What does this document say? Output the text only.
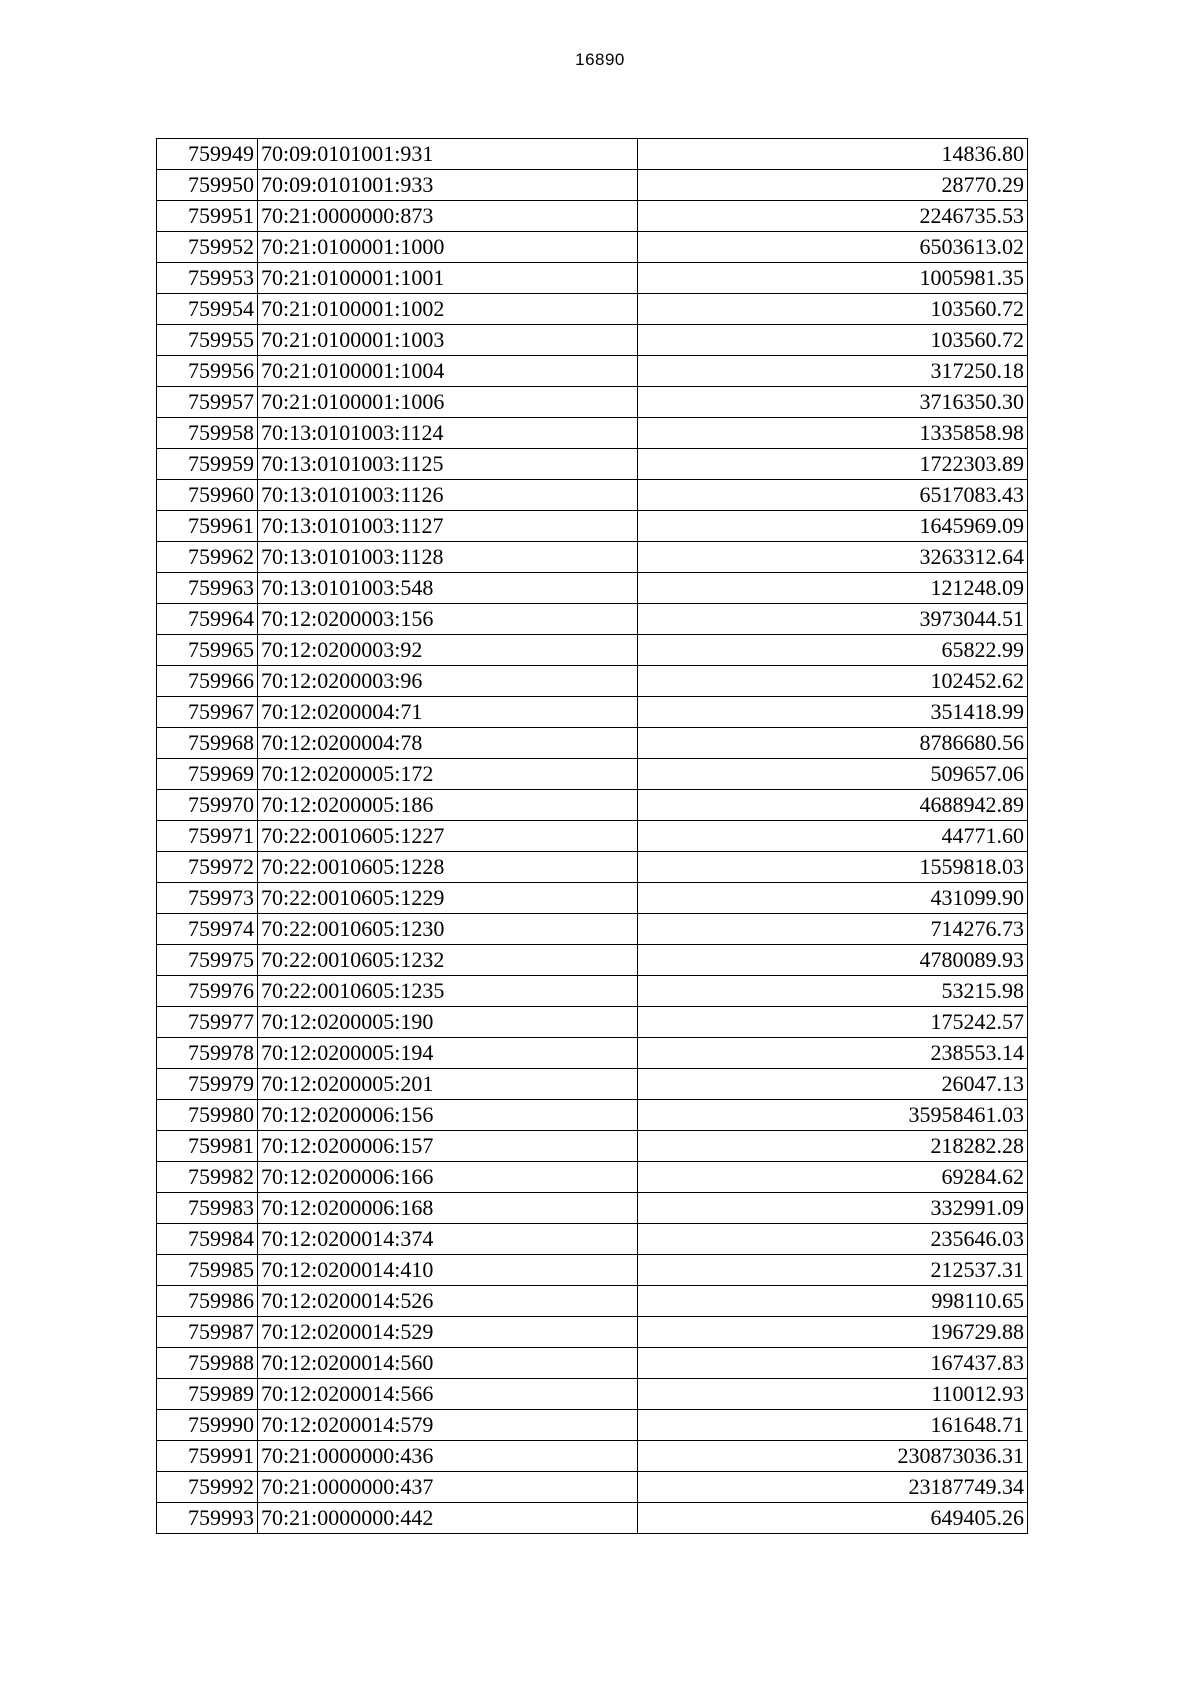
16890
759949	70:09:0101001:931	14836.80
759950	70:09:0101001:933	28770.29
759951	70:21:0000000:873	2246735.53
759952	70:21:0100001:1000	6503613.02
759953	70:21:0100001:1001	1005981.35
759954	70:21:0100001:1002	103560.72
759955	70:21:0100001:1003	103560.72
759956	70:21:0100001:1004	317250.18
759957	70:21:0100001:1006	3716350.30
759958	70:13:0101003:1124	1335858.98
759959	70:13:0101003:1125	1722303.89
759960	70:13:0101003:1126	6517083.43
759961	70:13:0101003:1127	1645969.09
759962	70:13:0101003:1128	3263312.64
759963	70:13:0101003:548	121248.09
759964	70:12:0200003:156	3973044.51
759965	70:12:0200003:92	65822.99
759966	70:12:0200003:96	102452.62
759967	70:12:0200004:71	351418.99
759968	70:12:0200004:78	8786680.56
759969	70:12:0200005:172	509657.06
759970	70:12:0200005:186	4688942.89
759971	70:22:0010605:1227	44771.60
759972	70:22:0010605:1228	1559818.03
759973	70:22:0010605:1229	431099.90
759974	70:22:0010605:1230	714276.73
759975	70:22:0010605:1232	4780089.93
759976	70:22:0010605:1235	53215.98
759977	70:12:0200005:190	175242.57
759978	70:12:0200005:194	238553.14
759979	70:12:0200005:201	26047.13
759980	70:12:0200006:156	35958461.03
759981	70:12:0200006:157	218282.28
759982	70:12:0200006:166	69284.62
759983	70:12:0200006:168	332991.09
759984	70:12:0200014:374	235646.03
759985	70:12:0200014:410	212537.31
759986	70:12:0200014:526	998110.65
759987	70:12:0200014:529	196729.88
759988	70:12:0200014:560	167437.83
759989	70:12:0200014:566	110012.93
759990	70:12:0200014:579	161648.71
759991	70:21:0000000:436	230873036.31
759992	70:21:0000000:437	23187749.34
759993	70:21:0000000:442	649405.26
